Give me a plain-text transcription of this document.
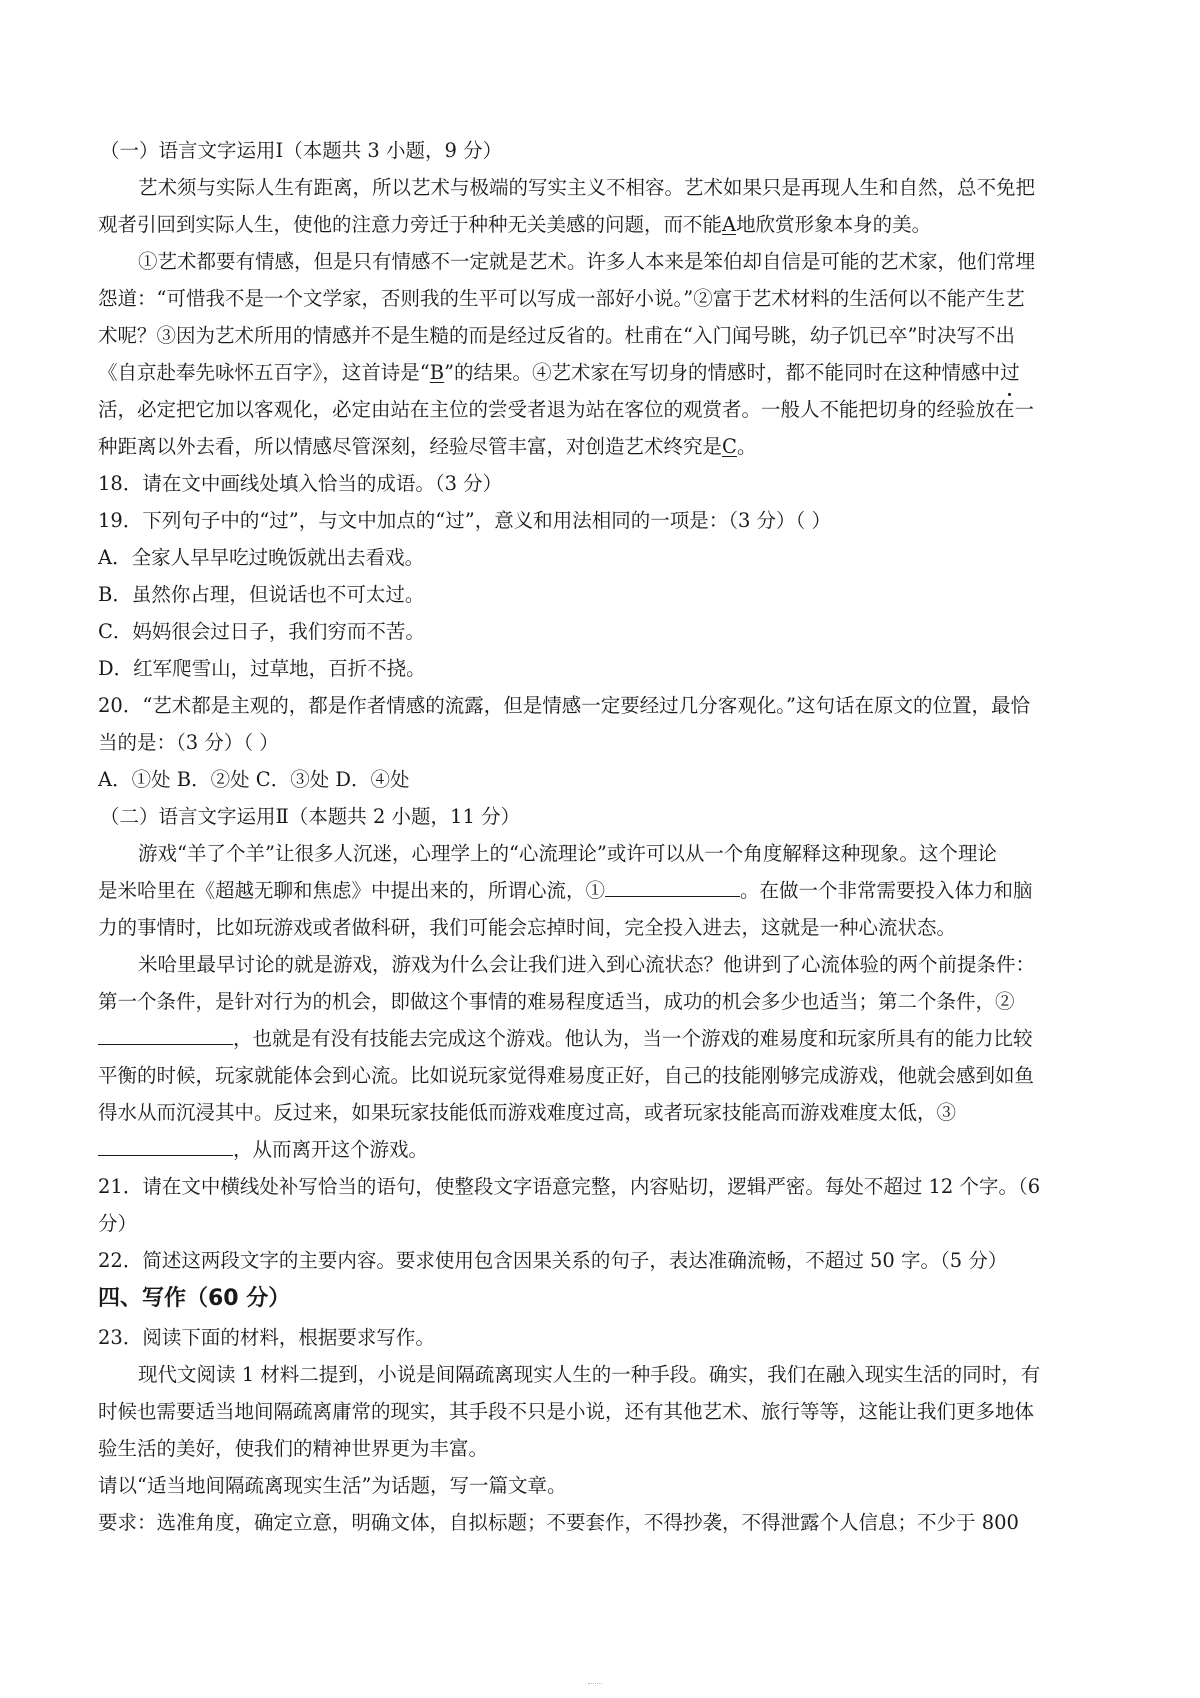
（一）语言文字运用Ⅰ（本题共 3 小题，9 分）

艺术须与实际人生有距离，所以艺术与极端的写实主义不相容。艺术如果只是再现人生和自然，总不免把

观者引回到实际人生，使他的注意力旁迁于种种无关美感的问题，而不能A地欣赏形象本身的美。

①艺术都要有情感，但是只有情感不一定就是艺术。许多人本来是笨伯却自信是可能的艺术家，他们常埋

怨道：“可惜我不是一个文学家，否则我的生平可以写成一部好小说。”②富于艺术材料的生活何以不能产生艺

术呢？③因为艺术所用的情感并不是生糙的而是经过反省的。杜甫在“入门闻号眺，幼子饥已卒”时决写不出

《自京赴奉先咏怀五百字》，这首诗是“B”的结果。④艺术家在写切身的情感时，都不能同时在这种情感中过

活，必定把它加以客观化，必定由站在主位的尝受者退为站在客位的观赏者。一般人不能把切身的经验放在一

种距离以外去看，所以情感尽管深刻，经验尽管丰富，对创造艺术终究是C。

18．请在文中画线处填入恰当的成语。（3 分）

19．下列句子中的“过”，与文中加点的“过”，意义和用法相同的一项是：（3 分）（ ）

A．全家人早早吃过晚饭就出去看戏。

B．虽然你占理，但说话也不可太过。

C．妈妈很会过日子，我们穷而不苦。

D．红军爬雪山，过草地，百折不挠。

20．“艺术都是主观的，都是作者情感的流露，但是情感一定要经过几分客观化。”这句话在原文的位置，最恰

当的是：（3 分）（ ）

A．①处 B．②处 C．③处 D．④处

（二）语言文字运用Ⅱ（本题共 2 小题，11 分）

游戏“羊了个羊”让很多人沉迷，心理学上的“心流理论”或许可以从一个角度解释这种现象。这个理论

是米哈里在《超越无聊和焦虑》中提出来的，所谓心流，①	。在做一个非常需要投入体力和脑

力的事情时，比如玩游戏或者做科研，我们可能会忘掉时间，完全投入进去，这就是一种心流状态。

米哈里最早讨论的就是游戏，游戏为什么会让我们进入到心流状态？他讲到了心流体验的两个前提条件：

第一个条件，是针对行为的机会，即做这个事情的难易程度适当，成功的机会多少也适当；第二个条件，②

，也就是有没有技能去完成这个游戏。他认为，当一个游戏的难易度和玩家所具有的能力比较

平衡的时候，玩家就能体会到心流。比如说玩家觉得难易度正好，自己的技能刚够完成游戏，他就会感到如鱼

得水从而沉浸其中。反过来，如果玩家技能低而游戏难度过高，或者玩家技能高而游戏难度太低，③

，从而离开这个游戏。

21．请在文中横线处补写恰当的语句，使整段文字语意完整，内容贴切，逻辑严密。每处不超过 12 个字。（6

分）

22．简述这两段文字的主要内容。要求使用包含因果关系的句子，表达准确流畅，不超过 50 字。（5 分）

四、写作（60 分）

23．阅读下面的材料，根据要求写作。

现代文阅读 1 材料二提到，小说是间隔疏离现实人生的一种手段。确实，我们在融入现实生活的同时，有

时候也需要适当地间隔疏离庸常的现实，其手段不只是小说，还有其他艺术、旅行等等，这能让我们更多地体

验生活的美好，使我们的精神世界更为丰富。

请以“适当地间隔疏离现实生活”为话题，写一篇文章。

要求：选准角度，确定立意，明确文体，自拟标题；不要套作，不得抄袭，不得泄露个人信息；不少于 800
